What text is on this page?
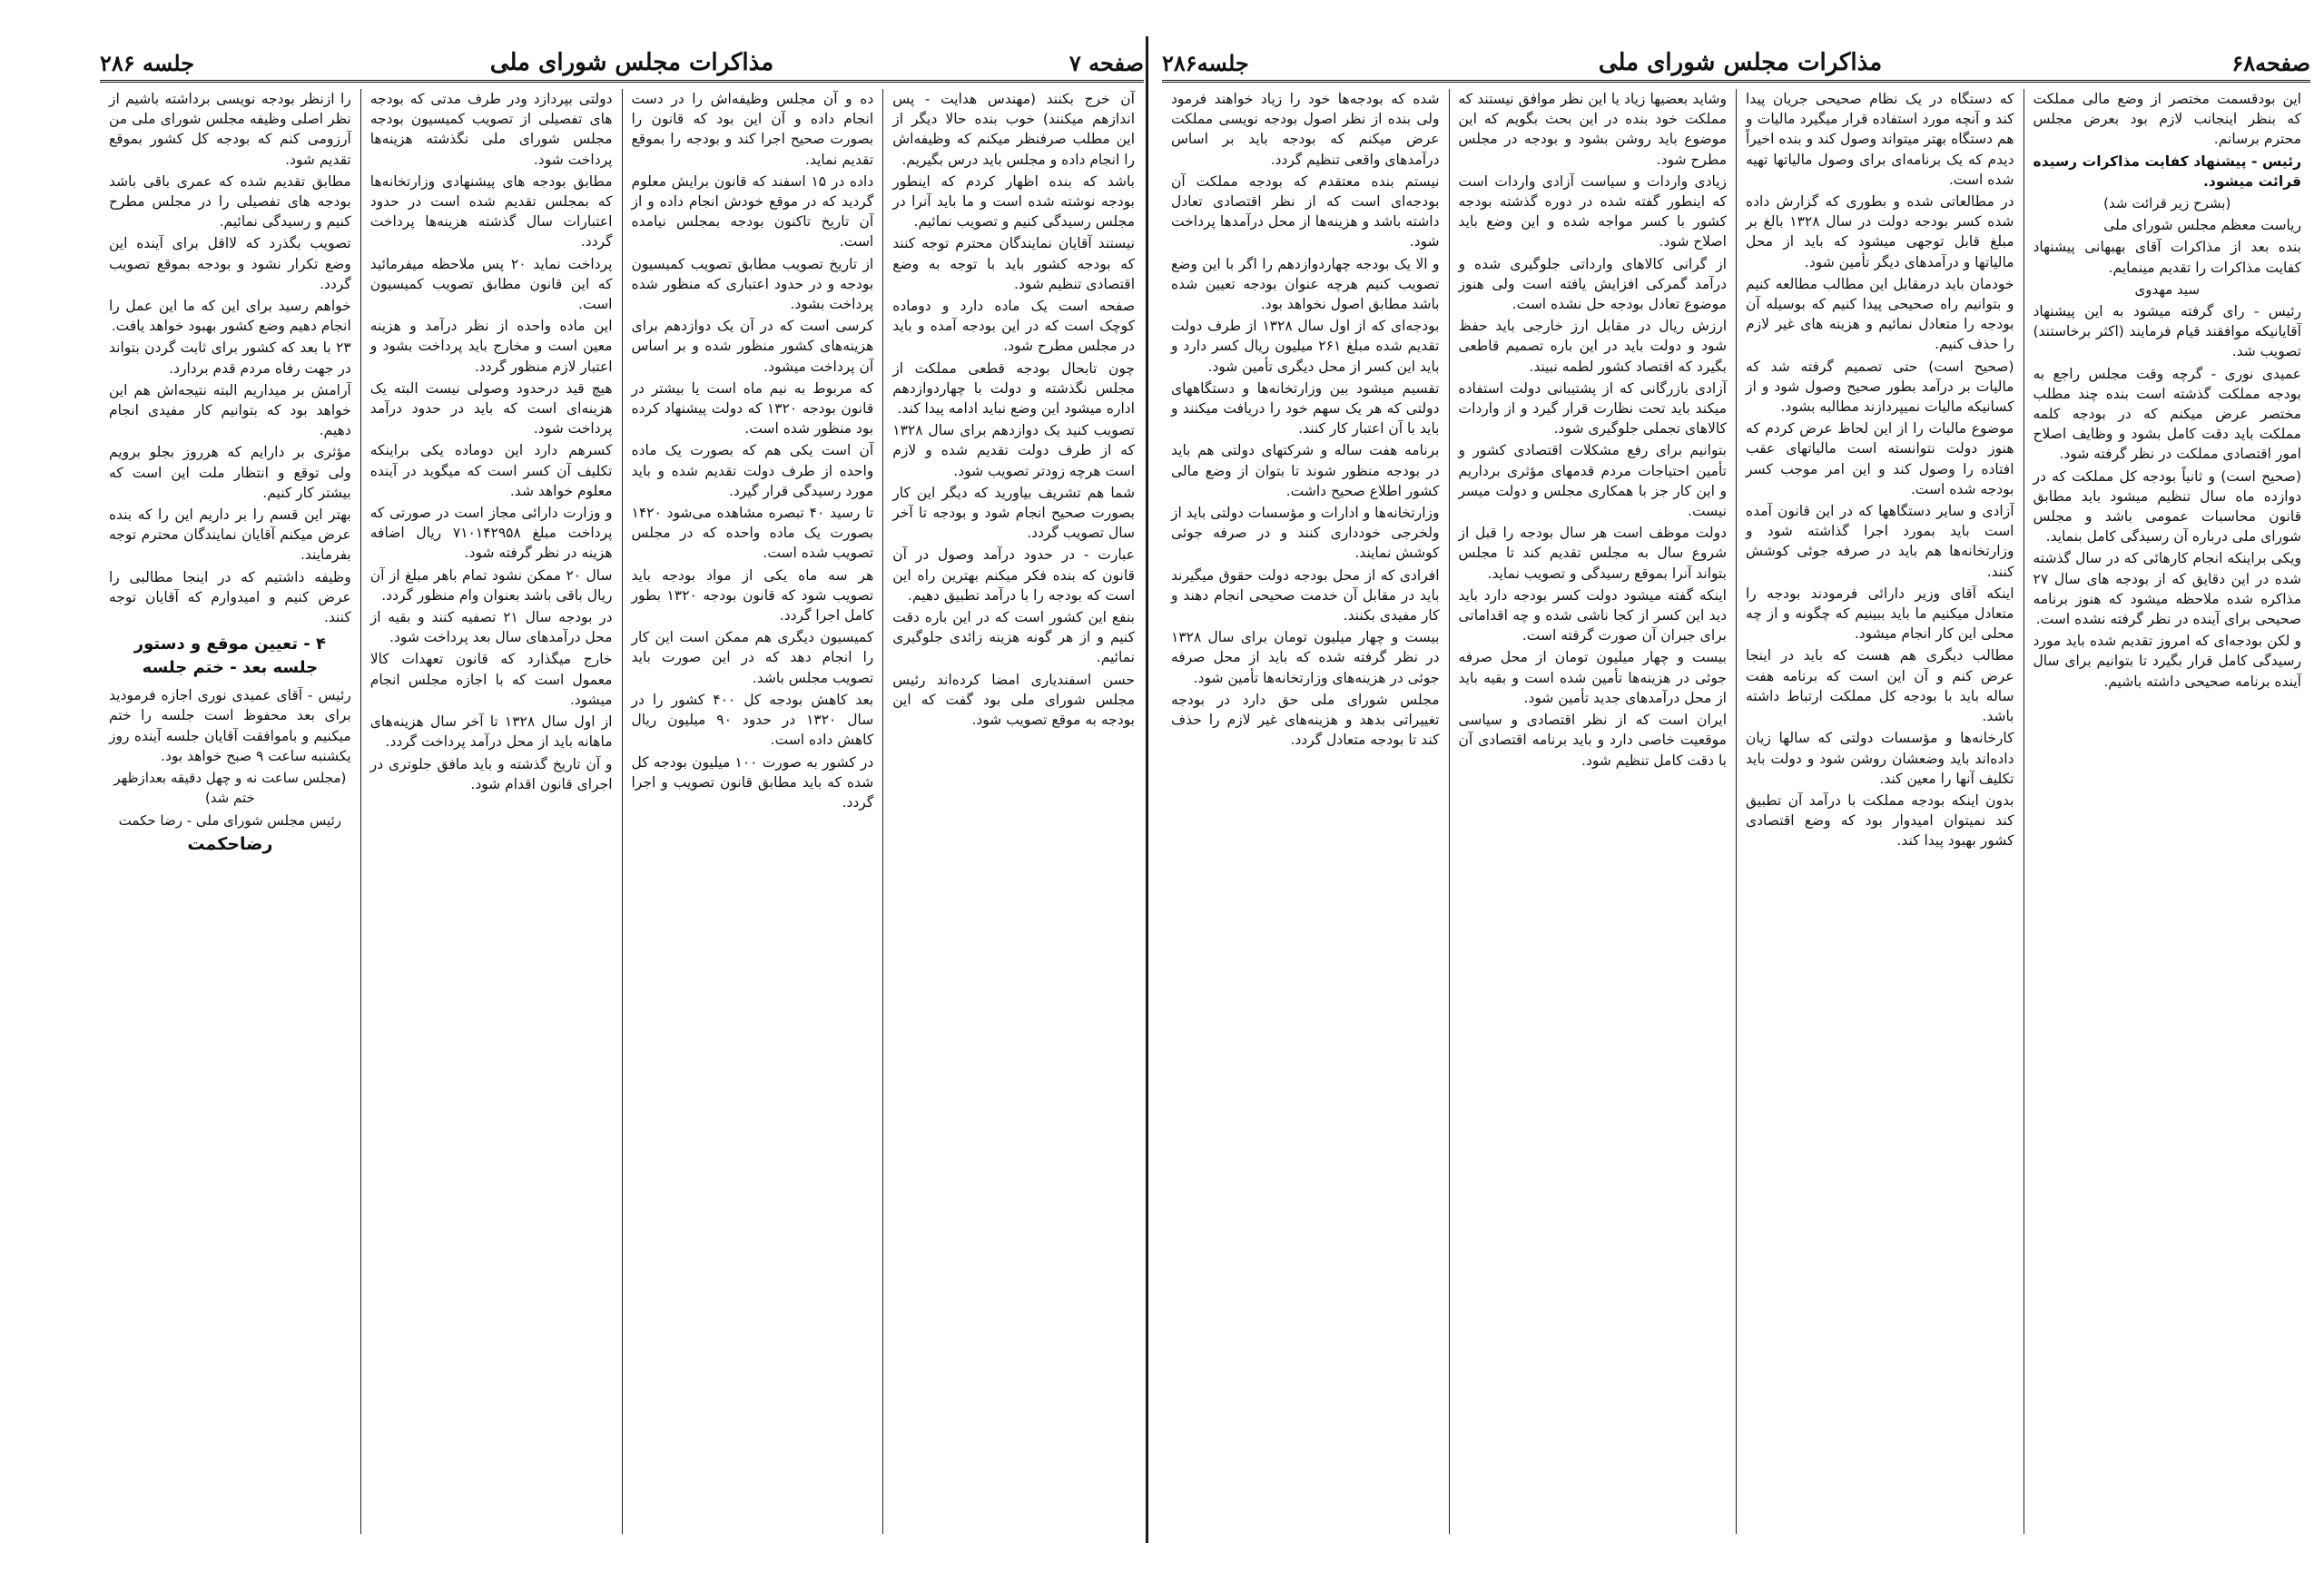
صفحه۶۸
مذاکرات مجلس شورای ملی
جلسه۲۸۶

این بودقسمت مختصر از وضع مالی مملکت که بنظر اینجانب لازم بود بعرض مجلس محترم برسانم.

رئیس - پیشنهاد کفایت مذاکرات رسیده قرائت میشود.

(بشرح زیر قرائت شد)

ریاست معظم مجلس شورای ملی

بنده بعد از مذاکرات آقای بهبهانی پیشنهاد کفایت مذاکرات را تقدیم مینمایم.

سید مهدوی

رئیس - رای گرفته میشود به این پیشنهاد آقایانیکه موافقند قیام فرمایند (اکثر برخاستند) تصویب شد.

عمیدی نوری - گرچه وقت مجلس راجع به بودجه مملکت گذشته است بنده چند مطلب مختصر عرض میکنم که در بودجه کلمه مملکت باید دقت کامل بشود و وظایف اصلاح امور اقتصادی مملکت در نظر گرفته شود.

(صحیح است) و ثانیاً بودجه کل مملکت که در دوازده ماه سال تنظیم میشود باید مطابق قانون محاسبات عمومی باشد و مجلس شورای ملی درباره آن رسیدگی کامل بنماید.

ویکی براینکه انجام کارهائی که در سال گذشته شده در این دقایق که از بودجه های سال ۲۷ مذاکره شده ملاحظه میشود که هنوز برنامه صحیحی برای آینده در نظر گرفته نشده است.

و لکن بودجه‌ای که امروز تقدیم شده باید مورد رسیدگی کامل قرار بگیرد تا بتوانیم برای سال آینده برنامه صحیحی داشته باشیم.

که دستگاه در یک نظام صحیحی جریان پیدا کند و آنچه مورد استفاده قرار میگیرد مالیات و هم دستگاه بهتر میتواند وصول کند و بنده اخیراً دیدم که یک برنامه‌ای برای وصول مالیاتها تهیه شده است.

در مطالعاتی شده و بطوری که گزارش داده شده کسر بودجه دولت در سال ۱۳۲۸ بالغ بر مبلغ قابل توجهی میشود که باید از محل مالیاتها و درآمدهای دیگر تأمین شود.

خودمان باید درمقابل این مطالب مطالعه کنیم و بتوانیم راه صحیحی پیدا کنیم که بوسیله آن بودجه را متعادل نمائیم و هزینه های غیر لازم را حذف کنیم.

(صحیح است) حتی تصمیم گرفته شد که مالیات بر درآمد بطور صحیح وصول شود و از کسانیکه مالیات نمیپردازند مطالبه بشود.

موضوع مالیات را از این لحاظ عرض کردم که هنوز دولت نتوانسته است مالیاتهای عقب افتاده را وصول کند و این امر موجب کسر بودجه شده است.

آزادی و سایر دستگاهها که در این قانون آمده است باید بمورد اجرا گذاشته شود و وزارتخانه‌ها هم باید در صرفه جوئی کوشش کنند.

اینکه آقای وزیر دارائی فرمودند بودجه را متعادل میکنیم ما باید ببینیم که چگونه و از چه محلی این کار انجام میشود.

مطالب دیگری هم هست که باید در اینجا عرض کنم و آن این است که برنامه هفت ساله باید با بودجه کل مملکت ارتباط داشته باشد.

کارخانه‌ها و مؤسسات دولتی که سالها زیان داده‌اند باید وضعشان روشن شود و دولت باید تکلیف آنها را معین کند.

بدون اینکه بودجه مملکت با درآمد آن تطبیق کند نمیتوان امیدوار بود که وضع اقتصادی کشور بهبود پیدا کند.

وشاید بعضیها زیاد یا این نظر موافق نیستند که مملکت خود بنده در این بحث بگویم که این موضوع باید روشن بشود و بودجه در مجلس مطرح شود.

زیادی واردات و سیاست آزادی واردات است که اینطور گفته شده در دوره گذشته بودجه کشور با کسر مواجه شده و این وضع باید اصلاح شود.

از گرانی کالاهای وارداتی جلوگیری شده و درآمد گمرکی افزایش یافته است ولی هنوز موضوع تعادل بودجه حل نشده است.

ارزش ریال در مقابل ارز خارجی باید حفظ شود و دولت باید در این باره تصمیم قاطعی بگیرد که اقتصاد کشور لطمه نبیند.

آزادی بازرگانی که از پشتیبانی دولت استفاده میکند باید تحت نظارت قرار گیرد و از واردات کالاهای تجملی جلوگیری شود.

بتوانیم برای رفع مشکلات اقتصادی کشور و تأمین احتیاجات مردم قدمهای مؤثری برداریم و این کار جز با همکاری مجلس و دولت میسر نیست.

دولت موظف است هر سال بودجه را قبل از شروع سال به مجلس تقدیم کند تا مجلس بتواند آنرا بموقع رسیدگی و تصویب نماید.

اینکه گفته میشود دولت کسر بودجه دارد باید دید این کسر از کجا ناشی شده و چه اقداماتی برای جبران آن صورت گرفته است.

بیست و چهار میلیون تومان از محل صرفه جوئی در هزینه‌ها تأمین شده است و بقیه باید از محل درآمدهای جدید تأمین شود.

ایران است که از نظر اقتصادی و سیاسی موقعیت خاصی دارد و باید برنامه اقتصادی آن با دقت کامل تنظیم شود.

شده که بودجه‌ها خود را زیاد خواهند فرمود ولی بنده از نظر اصول بودجه نویسی مملکت عرض میکنم که بودجه باید بر اساس درآمدهای واقعی تنظیم گردد.

نیستم بنده معتقدم که بودجه مملکت آن بودجه‌ای است که از نظر اقتصادی تعادل داشته باشد و هزینه‌ها از محل درآمدها پرداخت شود.

و الا یک بودجه چهاردوازدهم را اگر با این وضع تصویب کنیم هرچه عنوان بودجه تعیین شده باشد مطابق اصول نخواهد بود.

بودجه‌ای که از اول سال ۱۳۲۸ از طرف دولت تقدیم شده مبلغ ۲۶۱ میلیون ریال کسر دارد و باید این کسر از محل دیگری تأمین شود.

تقسیم میشود بین وزارتخانه‌ها و دستگاههای دولتی که هر یک سهم خود را دریافت میکنند و باید با آن اعتبار کار کنند.

برنامه هفت ساله و شرکتهای دولتی هم باید در بودجه منظور شوند تا بتوان از وضع مالی کشور اطلاع صحیح داشت.

وزارتخانه‌ها و ادارات و مؤسسات دولتی باید از ولخرجی خودداری کنند و در صرفه جوئی کوشش نمایند.

افرادی که از محل بودجه دولت حقوق میگیرند باید در مقابل آن خدمت صحیحی انجام دهند و کار مفیدی بکنند.

بیست و چهار میلیون تومان برای سال ۱۳۲۸ در نظر گرفته شده که باید از محل صرفه جوئی در هزینه‌های وزارتخانه‌ها تأمین شود.

مجلس شورای ملی حق دارد در بودجه تغییراتی بدهد و هزینه‌های غیر لازم را حذف کند تا بودجه متعادل گردد.

صفحه ۷
مذاکرات مجلس شورای ملی
جلسه ۲۸۶

آن خرج بکنند (مهندس هدایت - پس اندازهم میکنند) خوب بنده حالا دیگر از این مطلب صرفنظر میکنم که وظیفه‌اش را انجام داده و مجلس باید درس بگیریم.

باشد که بنده اظهار کردم که اینطور بودجه نوشته شده است و ما باید آنرا در مجلس رسیدگی کنیم و تصویب نمائیم.

نیستند آقایان نمایندگان محترم توجه کنند که بودجه کشور باید با توجه به وضع اقتصادی تنظیم شود.

صفحه است یک ماده دارد و دوماده کوچک است که در این بودجه آمده و باید در مجلس مطرح شود.

چون تابحال بودجه قطعی مملکت از مجلس نگذشته و دولت با چهاردوازدهم اداره میشود این وضع نباید ادامه پیدا کند.

تصویب کنید یک دوازدهم برای سال ۱۳۲۸ که از طرف دولت تقدیم شده و لازم است هرچه زودتر تصویب شود.

شما هم تشریف بیاورید که دیگر این کار بصورت صحیح انجام شود و بودجه تا آخر سال تصویب گردد.

عبارت - در حدود درآمد وصول در آن قانون که بنده فکر میکنم بهترین راه این است که بودجه را با درآمد تطبیق دهیم.

بنفع این کشور است که در این باره دقت کنیم و از هر گونه هزینه زائدی جلوگیری نمائیم.

حسن اسفندیاری امضا کرده‌اند رئیس مجلس شورای ملی بود گفت که این بودجه به موقع تصویب شود.

ده و آن مجلس وظیفه‌اش را در دست انجام داده و آن این بود که قانون را بصورت صحیح اجرا کند و بودجه را بموقع تقدیم نماید.

داده در ۱۵ اسفند که قانون برایش معلوم گردید که در موقع خودش انجام داده و از آن تاریخ تاکنون بودجه بمجلس نیامده است.

از تاریخ تصویب مطابق تصویب کمیسیون بودجه و در حدود اعتباری که منظور شده پرداخت بشود.

کرسی است که در آن یک دوازدهم برای هزینه‌های کشور منظور شده و بر اساس آن پرداخت میشود.

که مربوط به نیم ماه است یا بیشتر در قانون بودجه ۱۳۲۰ که دولت پیشنهاد کرده بود منظور شده است.

آن است یکی هم که بصورت یک ماده واحده از طرف دولت تقدیم شده و باید مورد رسیدگی قرار گیرد.

تا رسید ۴۰ تبصره مشاهده می‌شود ۱۴۲۰ بصورت یک ماده واحده که در مجلس تصویب شده است.

هر سه ماه یکی از مواد بودجه باید تصویب شود که قانون بودجه ۱۳۲۰ بطور کامل اجرا گردد.

کمیسیون دیگری هم ممکن است این کار را انجام دهد که در این صورت باید تصویب مجلس باشد.

بعد کاهش بودجه کل ۴۰۰ کشور را در سال ۱۳۲۰ در حدود ۹۰ میلیون ریال کاهش داده است.

در کشور به صورت ۱۰۰ میلیون بودجه کل شده که باید مطابق قانون تصویب و اجرا گردد.

دولتی بپردازد ودر طرف مدتی که بودجه های تفصیلی از تصویب کمیسیون بودجه مجلس شورای ملی نگذشته هزینه‌ها پرداخت شود.

مطابق بودجه های پیشنهادی وزارتخانه‌ها که بمجلس تقدیم شده است در حدود اعتبارات سال گذشته هزینه‌ها پرداخت گردد.

پرداخت نماید ۲۰ پس ملاحظه میفرمائید که این قانون مطابق تصویب کمیسیون است.

این ماده واحده از نظر درآمد و هزینه معین است و مخارج باید پرداخت بشود و اعتبار لازم منظور گردد.

هیچ قید درحدود وصولی نیست البته یک هزینه‌ای است که باید در حدود درآمد پرداخت شود.

کسرهم دارد این دوماده یکی براینکه تکلیف آن کسر است که میگوید در آینده معلوم خواهد شد.

و وزارت دارائی مجاز است در صورتی که پرداخت مبلغ ۷۱۰۱۴۲۹۵۸ ریال اضافه هزینه در نظر گرفته شود.

سال ۲۰ ممکن نشود تمام باهر مبلغ از آن ریال باقی باشد بعنوان وام منظور گردد.

در بودجه سال ۲۱ تصفیه کنند و بقیه از محل درآمدهای سال بعد پرداخت شود.

خارج میگذارد که قانون تعهدات کالا معمول است که با اجازه مجلس انجام میشود.

از اول سال ۱۳۲۸ تا آخر سال هزینه‌های ماهانه باید از محل درآمد پرداخت گردد.

و آن تاریخ گذشته و باید مافق جلوتری در اجرای قانون اقدام شود.

را ازنظر بودجه نویسی برداشته باشیم از نظر اصلی وظیفه مجلس شورای ملی من آرزومی کنم که بودجه کل کشور بموقع تقدیم شود.

مطابق تقدیم شده که عمری باقی باشد بودجه های تفصیلی را در مجلس مطرح کنیم و رسیدگی نمائیم.

تصویب بگذرد که لااقل برای آینده این وضع تکرار نشود و بودجه بموقع تصویب گردد.

خواهم رسید برای این که ما این عمل را انجام دهیم وضع کشور بهبود خواهد یافت.

۲۳ با بعد که کشور برای ثابت گردن بتواند در جهت رفاه مردم قدم بردارد.

آرامش بر میداریم البته نتیجه‌اش هم این خواهد بود که بتوانیم کار مفیدی انجام دهیم.

مؤثری بر دارایم که هرروز بجلو برویم ولی توقع و انتظار ملت این است که بیشتر کار کنیم.

بهتر این قسم را بر داریم این را که بنده عرض میکنم آقایان نمایندگان محترم توجه بفرمایند.

وظیفه داشتیم که در اینجا مطالبی را عرض کنیم و امیدوارم که آقایان توجه کنند.

۴ - تعیین موقع و دستور جلسه بعد - ختم جلسه

رئیس - آقای عمیدی نوری اجازه فرمودید برای بعد محفوظ است جلسه را ختم میکنیم و باموافقت آقایان جلسه آینده روز یکشنبه ساعت ۹ صبح خواهد بود.

(مجلس ساعت نه و چهل دقیقه بعدازظهر ختم شد)

رئیس مجلس شورای ملی - رضا حکمت

رضاحکمت
